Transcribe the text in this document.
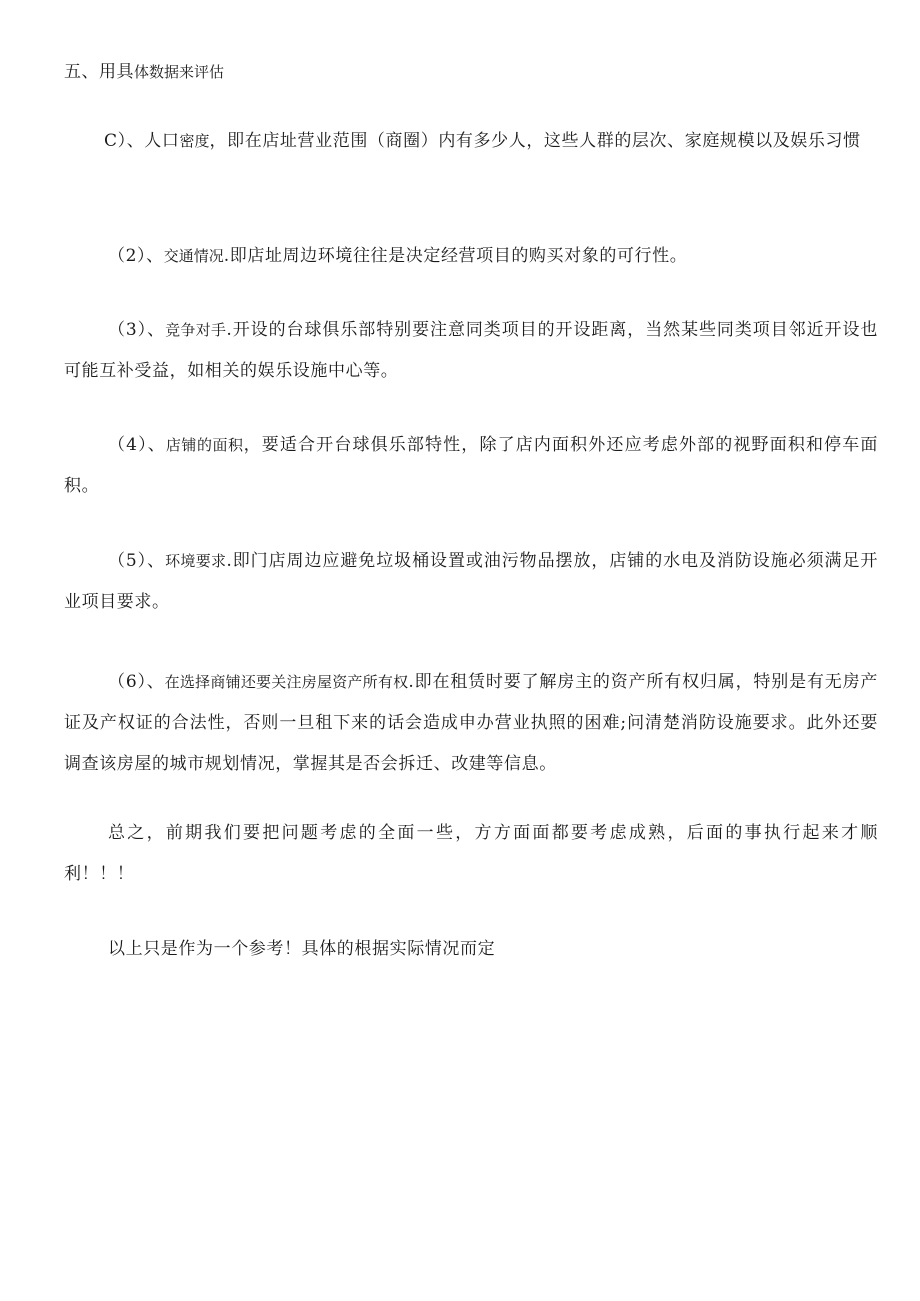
五、用具体数据来评估
C）、人口密度，即在店址营业范围（商圈）内有多少人，这些人群的层次、家庭规模以及娱乐习惯
（2）、交通情况.即店址周边环境往往是决定经营项目的购买对象的可行性。
（3）、竞争对手.开设的台球俱乐部特别要注意同类项目的开设距离，当然某些同类项目邻近开设也可能互补受益，如相关的娱乐设施中心等。
（4）、店铺的面积，要适合开台球俱乐部特性，除了店内面积外还应考虑外部的视野面积和停车面积。
（5）、环境要求.即门店周边应避免垃圾桶设置或油污物品摆放，店铺的水电及消防设施必须满足开业项目要求。
（6）、在选择商铺还要关注房屋资产所有权.即在租赁时要了解房主的资产所有权归属，特别是有无房产证及产权证的合法性，否则一旦租下来的话会造成申办营业执照的困难;问清楚消防设施要求。此外还要调查该房屋的城市规划情况，掌握其是否会拆迁、改建等信息。
总之，前期我们要把问题考虑的全面一些，方方面面都要考虑成熟，后面的事执行起来才顺利！！！
以上只是作为一个参考！具体的根据实际情况而定
